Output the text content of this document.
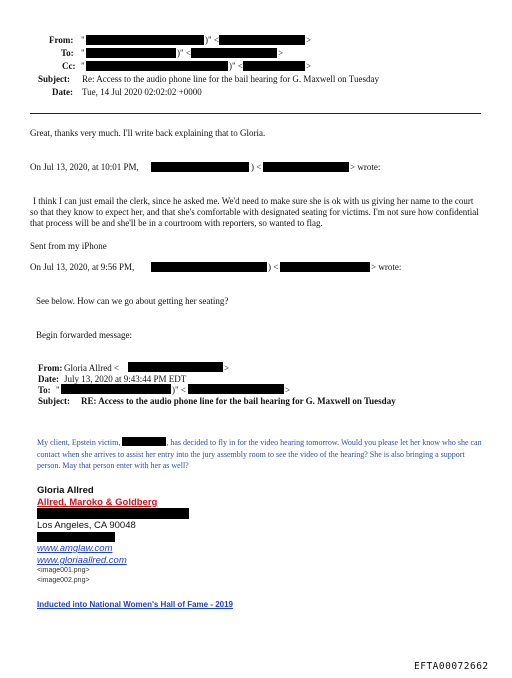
From: "	)" <	>
To: "	)" <	>
Cc: "	)" <	>
Subject: Re: Access to the audio phone line for the bail hearing for G. Maxwell on Tuesday
Date: Tue, 14 Jul 2020 02:02:02 +0000
Great, thanks very much. I'll write back explaining that to Gloria.
On Jul 13, 2020, at 10:01 PM,	) <	> wrote:
I think I can just email the clerk, since he asked me. We'd need to make sure she is ok with us giving her name to the court so that they know to expect her, and that she's comfortable with designated seating for victims. I'm not sure how confidential that process will be and she'll be in a courtroom with reporters, so wanted to flag.
Sent from my iPhone
On Jul 13, 2020, at 9:56 PM,	) <	> wrote:
See below. How can we go about getting her seating?
Begin forwarded message:
From: Gloria Allred <	>
Date: July 13, 2020 at 9:43:44 PM EDT
To: "	)" <	>
Subject: RE: Access to the audio phone line for the bail hearing for G. Maxwell on Tuesday
My client, Epstein victim,	, has decided to fly in for the video hearing tomorrow. Would you please let her know who she can contact when she arrives to assist her entry into the jury assembly room to see the video of the hearing? She is also bringing a support person. May that person enter with her as well?
Gloria Allred
Allred, Maroko & Goldberg
Los Angeles, CA 90048
www.amglaw.com
www.gloriaallred.com
<image001.png>
<image002.png>
Inducted into National Women's Hall of Fame - 2019
EFTA00072662
